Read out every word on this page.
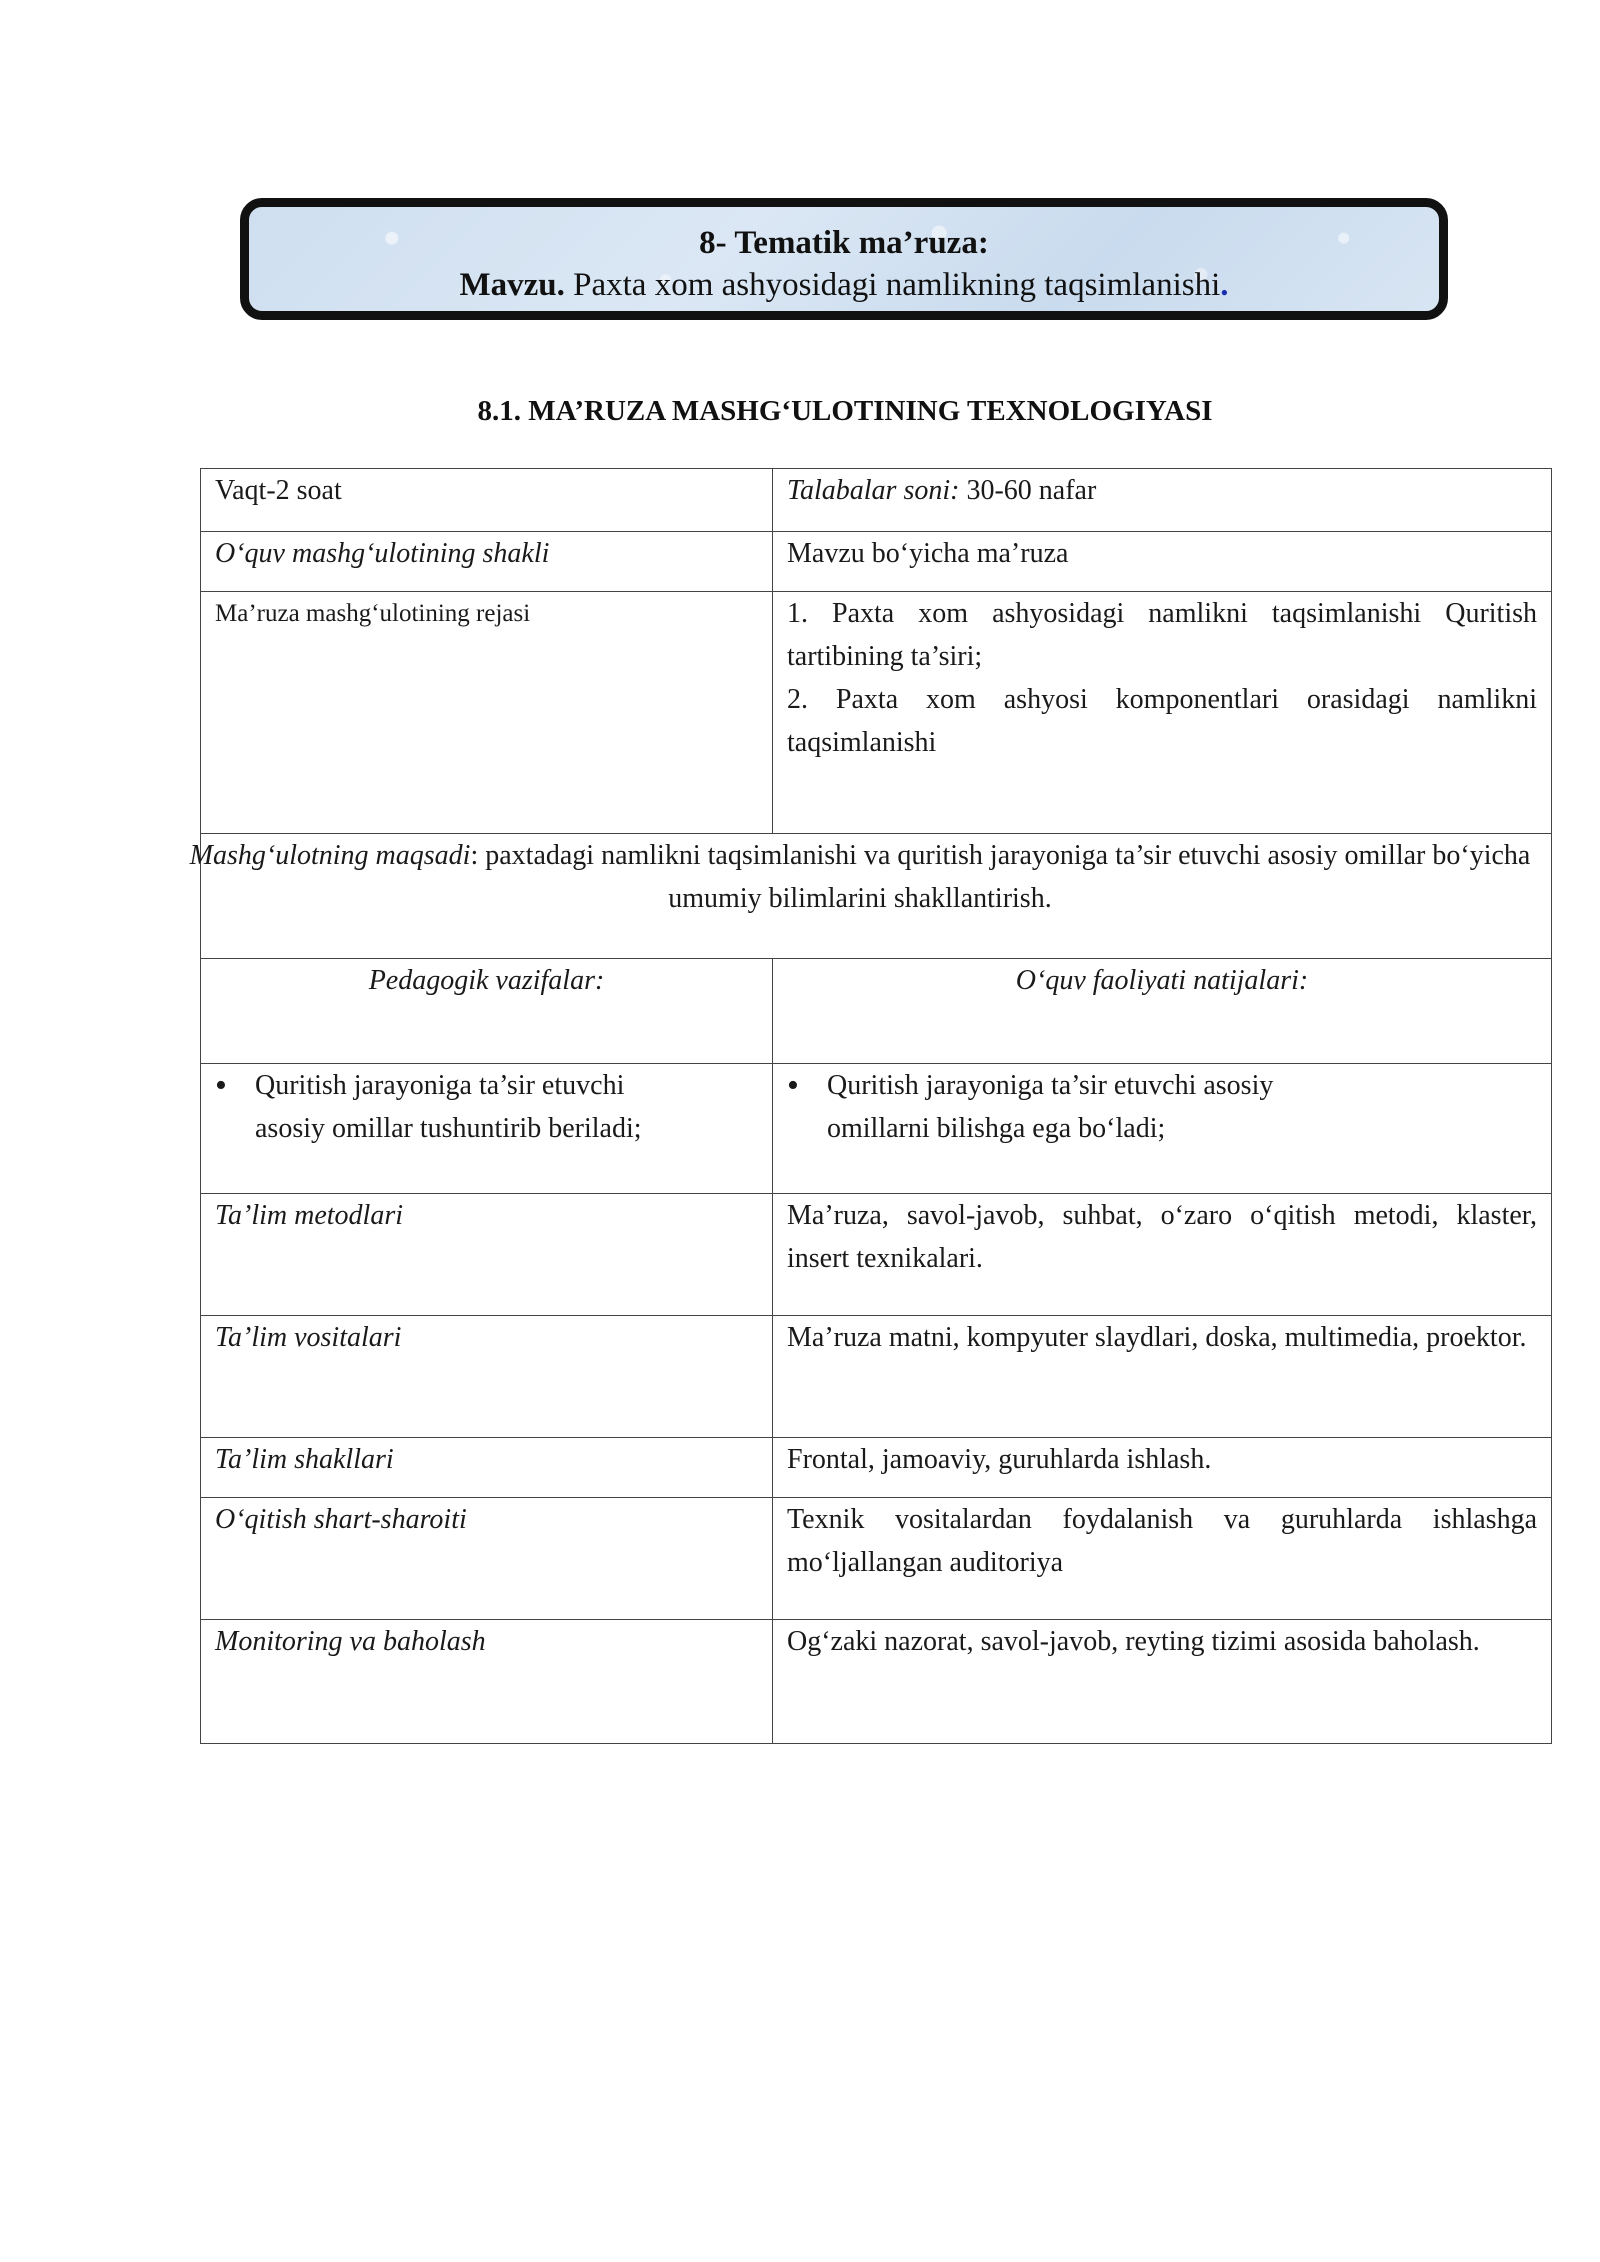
8- Tematik ma’ruza:
Mavzu. Paxta xom ashyosidagi namlikning taqsimlanishi.
8.1. MA’RUZA MASHG‘ULOTINING TEXNOLOGIYASI
Vaqt-2 soat	Talabalar soni: 30-60 nafar
O‘quv mashg‘ulotining shakli	Mavzu bo‘yicha ma’ruza
Ma’ruza mashg‘ulotining rejasi	1. Paxta xom ashyosidagi namlikni taqsimlanishi Quritish tartibining ta’siri;
2. Paxta xom ashyosi komponentlari orasidagi namlikni taqsimlanishi

Mashg‘ulotning maqsadi: paxtadagi namlikni taqsimlanishi va quritish jarayoniga ta’sir etuvchi asosiy omillar bo‘yicha umumiy bilimlarini shakllantirish.	

Pedagogik vazifalar:	O‘quv faoliyati natijalari:

• Quritish jarayoniga ta’sir etuvchi asosiy omillar tushuntirib beriladi;	• Quritish jarayoniga ta’sir etuvchi asosiy omillarni bilishga ega bo‘ladi;

Ta’lim metodlari	Ma’ruza, savol-javob, suhbat, o‘zaro o‘qitish metodi, klaster, insert texnikalari.
Ta’lim vositalari	Ma’ruza matni, kompyuter slaydlari, doska, multimedia, proektor.
Ta’lim shakllari	Frontal, jamoaviy, guruhlarda ishlash.
O‘qitish shart-sharoiti	Texnik vositalardan foydalanish va guruhlarda ishlashga mo‘ljallangan auditoriya
Monitoring va baholash	Og‘zaki nazorat, savol-javob, reyting tizimi asosida baholash.
